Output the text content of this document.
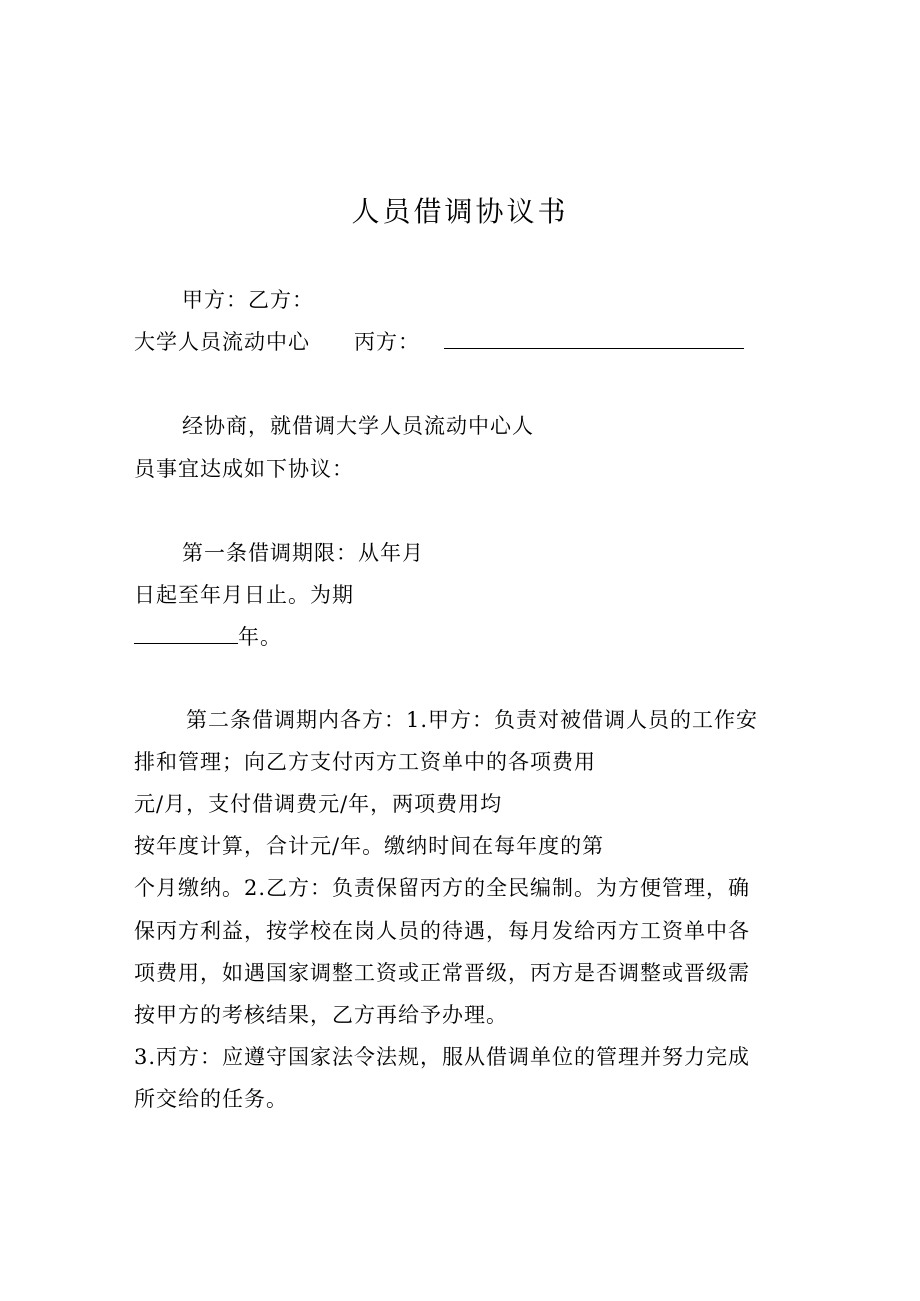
人员借调协议书
甲方：乙方：
大学人员流动中心 丙方：
经协商，就借调大学人员流动中心人
员事宜达成如下协议：
第一条借调期限：从年月
日起至年月日止。为期
年。
第二条借调期内各方：1.甲方：负责对被借调人员的工作安
排和管理；向乙方支付丙方工资单中的各项费用
元/月，支付借调费元/年，两项费用均
按年度计算，合计元/年。缴纳时间在每年度的第
个月缴纳。2.乙方：负责保留丙方的全民编制。为方便管理，确
保丙方利益，按学校在岗人员的待遇，每月发给丙方工资单中各
项费用，如遇国家调整工资或正常晋级，丙方是否调整或晋级需
按甲方的考核结果，乙方再给予办理。
3.丙方：应遵守国家法令法规，服从借调单位的管理并努力完成
所交给的任务。
